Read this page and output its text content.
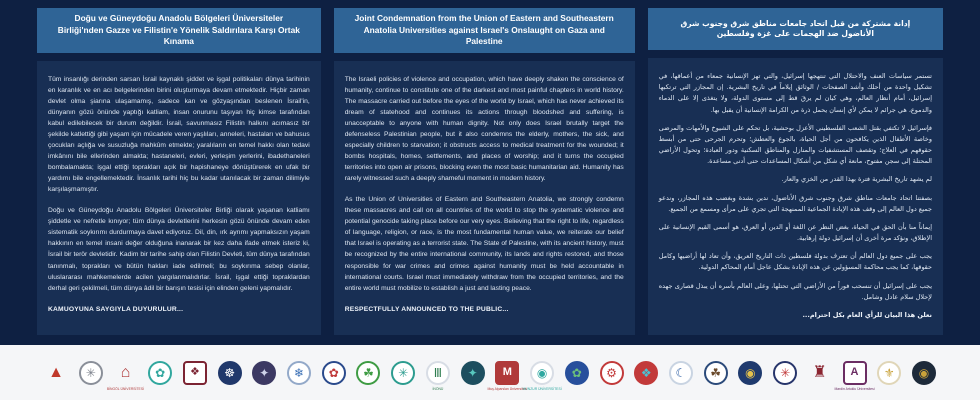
Doğu ve Güneydoğu Anadolu Bölgeleri Üniversiteler Birliği'nden Gazze ve Filistin'e Yönelik Saldırılara Karşı Ortak Kınama

Tüm insanlığı derinden sarsan İsrail kaynaklı şiddet ve işgal politikaları dünya tarihinin en karanlık ve en acı belgelerinden birini oluşturmaya devam etmektedir. Hiçbir zaman devlet olma şiarına ulaşamamış, sadece kan ve gözyaşından beslenen İsrail'in, dünyanın gözü önünde yaptığı katliam, insan onurunu taşıyan hiç kimse tarafından kabul edilebilecek bir durum değildir. İsrail, savunmasız Filistin halkını acımasız bir şekilde katlettiği gibi yaşam için mücadele veren yaşlıları, anneleri, hastaları ve bahusus çocukları açlığa ve susuzluğa mahkûm etmekte; yaralıların en temel hakkı olan tedavi imkânını bile ellerinden almakta; hastaneleri, evleri, yerleşim yerlerini, ibadethaneleri bombalamakta; işgal ettiği toprakları açık bir hapishaneye dönüştürerek en ufak bir yardımı bile engellemektedir. İnsanlık tarihi hiç bu kadar utanılacak bir zaman dilimiyle karşılaşmamıştır.

Doğu ve Güneydoğu Anadolu Bölgeleri Üniversiteler Birliği olarak yaşanan katliamı şiddetle ve nefretle kınıyor; tüm dünya devletlerini herkesin gözü önünde devam eden sistematik soykırımı durdurmaya davet ediyoruz. Dil, din, ırk ayrımı yapmaksızın yaşam hakkının en temel insani değer olduğuna inanarak bir kez daha ifade etmek isteriz ki, İsrail bir terör devletidir. Kadim bir tarihe sahip olan Filistin Devleti, tüm dünya tarafından tanınmalı, toprakları ve bütün hakları iade edilmeli; bu soykırıma sebep olanlar, uluslararası mahkemelerde acilen yargılanmalıdırlar. İsrail, işgal ettiği topraklardan derhal geri çekilmeli, tüm dünya âdil bir barışın tesisi için elinden geleni yapmalıdır.

KAMUOYUNA SAYGIYLA DUYURULUR...

Joint Condemnation from the Union of Eastern and Southeastern Anatolia Universities against Israel's Onslaught on Gaza and Palestine

The Israeli policies of violence and occupation, which have deeply shaken the conscience of humanity, continue to constitute one of the darkest and most painful chapters in world history. The massacre carried out before the eyes of the world by Israel, which has never achieved its dream of statehood and continues its actions through bloodshed and suffering, is unacceptable to anyone with human dignity. Not only does Israel brutally target the defenseless Palestinian people, but it also condemns the elderly, mothers, the sick, and especially children to starvation; it obstructs access to medical treatment for the wounded; it bombs hospitals, homes, settlements, and places of worship; and it turns the occupied territories into open air prisons, blocking even the most basic humanitarian aid. Humanity has rarely witnessed such a deeply shameful moment in modern history.

As the Union of Universities of Eastern and Southeastern Anatolia, we strongly condemn these massacres and call on all countries of the world to stop the systematic violence and potential genocide taking place before our very eyes. Believing that the right to life, regardless of language, religion, or race, is the most fundamental human value, we reiterate our belief that Israel is operating as a terrorist state. The State of Palestine, with its ancient history, must be recognized by the entire international community, its lands and rights restored, and those responsible for war crimes and crimes against humanity must be held accountable in international courts. Israel must immediately withdraw from the occupied territories, and the entire world must mobilize to establish a just and lasting peace.

RESPECTFULLY ANNOUNCED TO THE PUBLIC...

إدانة مشتركة من قبل اتحاد جامعات مناطق شرق وجنوب شرق الأناضول ضد الهجمات على غزة وفلسطين

تستمر سياسات العنف والاحتلال التي تنتهجها إسرائيل، والتي تهز الإنسانية جمعاء من أعماقها، في تشكيل واحدة من أحلك وأشد الصفحات / الوثائق إيلاماً في تاريخ البشرية. إن المجازر التي ترتكبها إسرائيل، أمام أنظار العالم، وهي كيان لم يرقَ قط إلى مستوى الدولة، ولا يتغذى إلا على الدماء والدموع، هي جرائم لا يمكن لأي إنسان يحمل ذرة من الكرامة الإنسانية أن يقبل بها.

فإسرائيل لا تكتفي بقتل الشعب الفلسطيني الأعزل بوحشية، بل تحكم على الشيوخ والأمهات والمرضى وخاصة الأطفال الذين يكافحون من أجل الحياة، بالجوع والعطش؛ وتحرم الجرحى حتى من أبسط حقوقهم في العلاج؛ وتقصف المستشفيات والمنازل والمناطق السكنية ودور العبادة؛ وتحول الأراضي المحتلة إلى سجن مفتوح، مانعة أي شكل من أشكال المساعدات حتى أدنى مساعدة.

لم يشهد تاريخ البشرية فترة بهذا القدر من الخزي والعار.

بصفتنا اتحاد جامعات مناطق شرق وجنوب شرق الأناضول، ندين بشدة وبغضب هذه المجازر، وندعو جميع دول العالم إلى وقف هذه الإبادة الجماعية الممنهجة التي تجري على مرأى ومسمع من الجميع.

إيماناً منا بأن الحق في الحياة، بغض النظر عن اللغة أو الدين أو العرق، هو أسمى القيم الإنسانية على الإطلاق، ونؤكد مرة أخرى أن إسرائيل دولة إرهابية.

يجب على جميع دول العالم أن تعترف بدولة فلسطين ذات التاريخ العريق، وأن تعاد لها أراضيها وكامل حقوقها، كما يجب محاكمة المسؤولين عن هذه الإبادة بشكل عاجل أمام المحاكم الدولية.

يجب على إسرائيل أن تنسحب فوراً من الأراضي التي تحتلها، وعلى العالم بأسره أن يبذل قصارى جهده لإحلال سلام عادل وشامل.

نعلن هذا البيان للرأي العام بكل احترام...

▲	✳	⌂
BİNGÖL ÜNİVERSİTESİ
✿	❖	☸	✦	❄	✿	☘	✳	Ⅲ
İNÖNÜ
✦	M
Muş Alparslan Üniversitesi
◉
MUNZUR ÜNİVERSİTESİ
✿	⚙	❖	☾	☘	◉	✳	♜	A
Mardin Artuklu Üniversitesi
⚜	◉
